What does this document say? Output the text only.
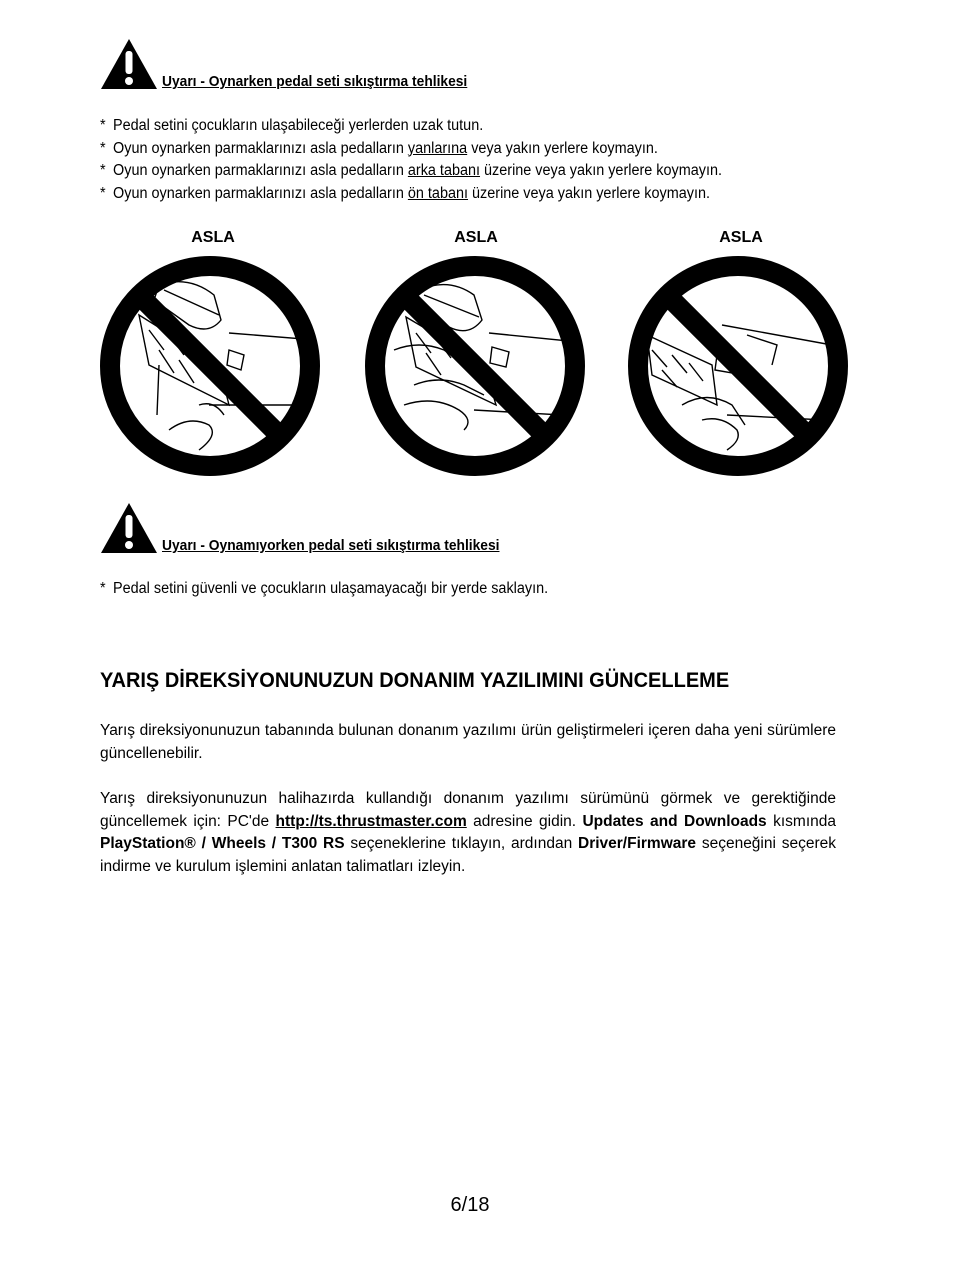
Uyarı - Oynarken pedal seti sıkıştırma tehlikesi
* Pedal setini çocukların ulaşabileceği yerlerden uzak tutun.
* Oyun oynarken parmaklarınızı asla pedalların yanlarına veya yakın yerlere koymayın.
* Oyun oynarken parmaklarınızı asla pedalların arka tabanı üzerine veya yakın yerlere koymayın.
* Oyun oynarken parmaklarınızı asla pedalların ön tabanı üzerine veya yakın yerlere koymayın.
ASLA	ASLA	ASLA
Uyarı - Oynamıyorken pedal seti sıkıştırma tehlikesi
* Pedal setini güvenli ve çocukların ulaşamayacağı bir yerde saklayın.
YARIŞ DİREKSİYONUNUZUN DONANIM YAZILIMINI GÜNCELLEME

Yarış direksiyonunuzun tabanında bulunan donanım yazılımı ürün geliştirmeleri içeren daha yeni sürümlere güncellenebilir.

Yarış direksiyonunuzun halihazırda kullandığı donanım yazılımı sürümünü görmek ve gerektiğinde güncellemek için: PC'de http://ts.thrustmaster.com adresine gidin. Updates and Downloads kısmında PlayStation® / Wheels / T300 RS seçeneklerine tıklayın, ardından Driver/Firmware seçeneğini seçerek indirme ve kurulum işlemini anlatan talimatları izleyin.

6/18
